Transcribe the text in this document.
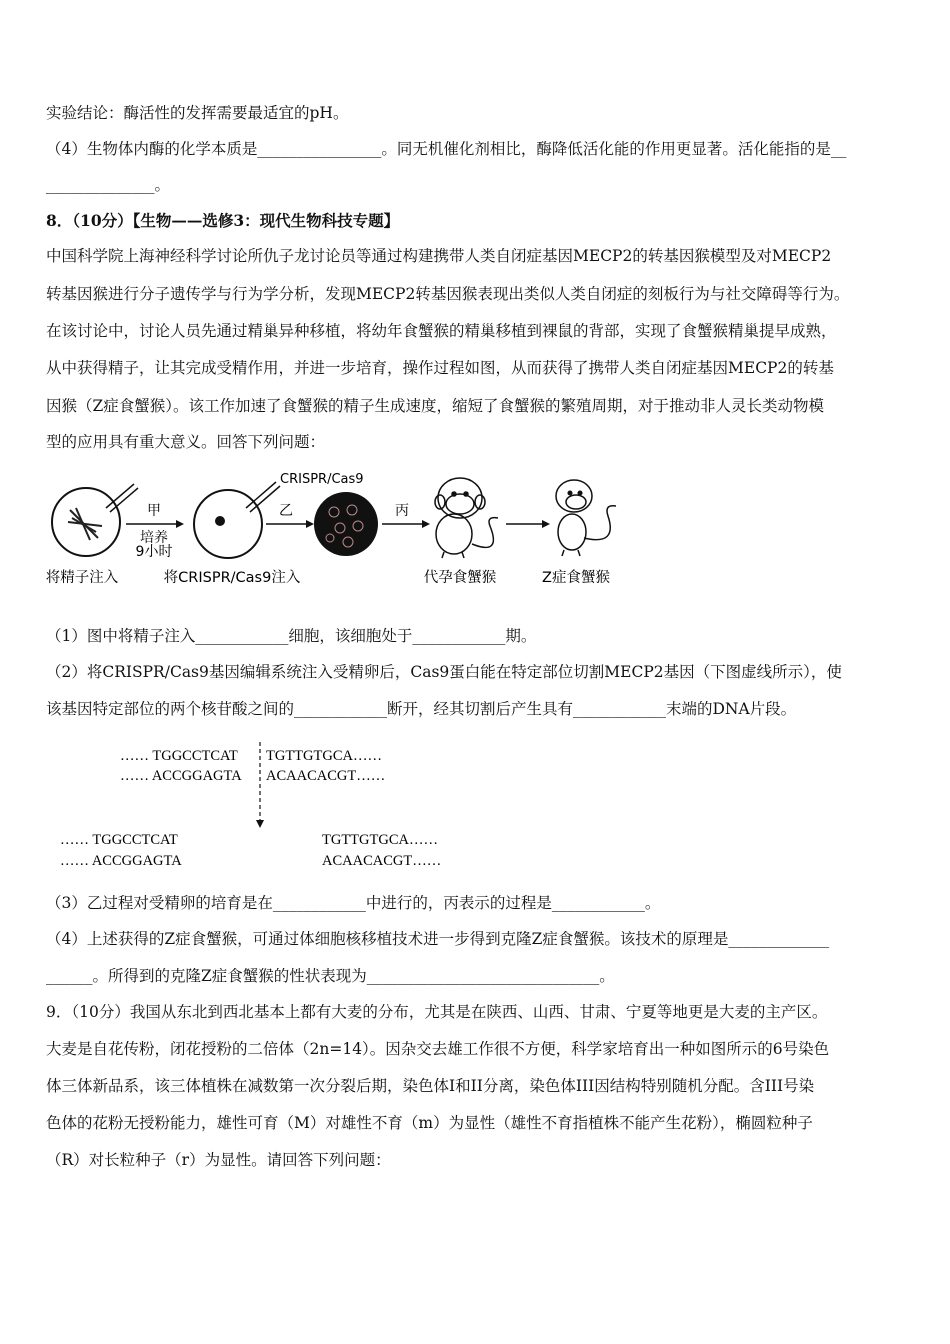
实验结论：酶活性的发挥需要最适宜的pH。
（4）生物体内酶的化学本质是________________。同无机催化剂相比，酶降低活化能的作用更显著。活化能指的是__
______________。
8．（10分）【生物——选修3：现代生物科技专题】
中国科学院上海神经科学讨论所仇子龙讨论员等通过构建携带人类自闭症基因MECP2的转基因猴模型及对MECP2
转基因猴进行分子遗传学与行为学分析，发现MECP2转基因猴表现出类似人类自闭症的刻板行为与社交障碍等行为。
在该讨论中，讨论人员先通过精巢异种移植，将幼年食蟹猴的精巢移植到裸鼠的背部，实现了食蟹猴精巢提早成熟，
从中获得精子，让其完成受精作用，并进一步培育，操作过程如图，从而获得了携带人类自闭症基因MECP2的转基
因猴（Z症食蟹猴）。该工作加速了食蟹猴的精子生成速度，缩短了食蟹猴的繁殖周期，对于推动非人灵长类动物模
型的应用具有重大意义。回答下列问题：
甲
培养
9小时
CRISPR/Cas9
乙	丙
将精子注入	将CRISPR/Cas9注入	代孕食蟹猴	Z症食蟹猴
（1）图中将精子注入____________细胞，该细胞处于____________期。
（2）将CRISPR/Cas9基因编辑系统注入受精卵后，Cas9蛋白能在特定部位切割MECP2基因（下图虚线所示），使
该基因特定部位的两个核苷酸之间的____________断开，经其切割后产生具有____________末端的DNA片段。
…… TGGCCTCAT TGTTGTGCA……
…… ACCGGAGTA ACAACACGT……
…… TGGCCTCAT
…… ACCGGAGTA
TGTTGTGCA……
ACAACACGT……
（3）乙过程对受精卵的培育是在____________中进行的，丙表示的过程是____________。
（4）上述获得的Z症食蟹猴，可通过体细胞核移植技术进一步得到克隆Z症食蟹猴。该技术的原理是_____________
______。所得到的克隆Z症食蟹猴的性状表现为______________________________。
9．（10分）我国从东北到西北基本上都有大麦的分布，尤其是在陕西、山西、甘肃、宁夏等地更是大麦的主产区。
大麦是自花传粉，闭花授粉的二倍体（2n=14）。因杂交去雄工作很不方便，科学家培育出一种如图所示的6号染色
体三体新品系，该三体植株在减数第一次分裂后期，染色体I和II分离，染色体III因结构特别随机分配。含III号染
色体的花粉无授粉能力，雄性可育（M）对雄性不育（m）为显性（雄性不育指植株不能产生花粉），椭圆粒种子
（R）对长粒种子（r）为显性。请回答下列问题：
